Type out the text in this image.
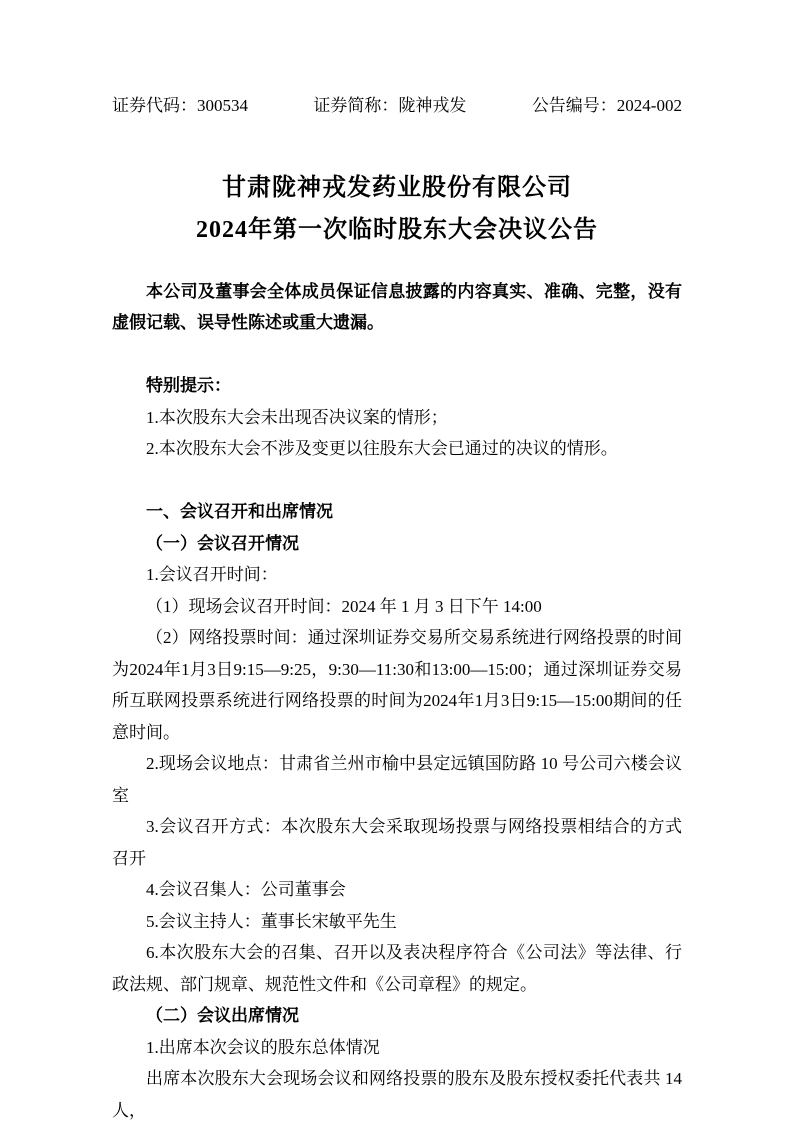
证券代码：300534	证券简称：陇神戎发	公告编号：2024-002
甘肃陇神戎发药业股份有限公司
2024年第一次临时股东大会决议公告

本公司及董事会全体成员保证信息披露的内容真实、准确、完整，没有虚假记载、误导性陈述或重大遗漏。

特别提示：

1.本次股东大会未出现否决议案的情形；

2.本次股东大会不涉及变更以往股东大会已通过的决议的情形。

一、会议召开和出席情况

（一）会议召开情况

1.会议召开时间：

（1）现场会议召开时间：2024 年 1 月 3 日下午 14:00

（2）网络投票时间：通过深圳证券交易所交易系统进行网络投票的时间为2024年1月3日9:15—9:25，9:30—11:30和13:00—15:00；通过深圳证券交易所互联网投票系统进行网络投票的时间为2024年1月3日9:15—15:00期间的任意时间。

2.现场会议地点：甘肃省兰州市榆中县定远镇国防路 10 号公司六楼会议室

3.会议召开方式：本次股东大会采取现场投票与网络投票相结合的方式召开

4.会议召集人：公司董事会

5.会议主持人：董事长宋敏平先生

6.本次股东大会的召集、召开以及表决程序符合《公司法》等法律、行政法规、部门规章、规范性文件和《公司章程》的规定。

（二）会议出席情况

1.出席本次会议的股东总体情况

出席本次股东大会现场会议和网络投票的股东及股东授权委托代表共 14 人，
